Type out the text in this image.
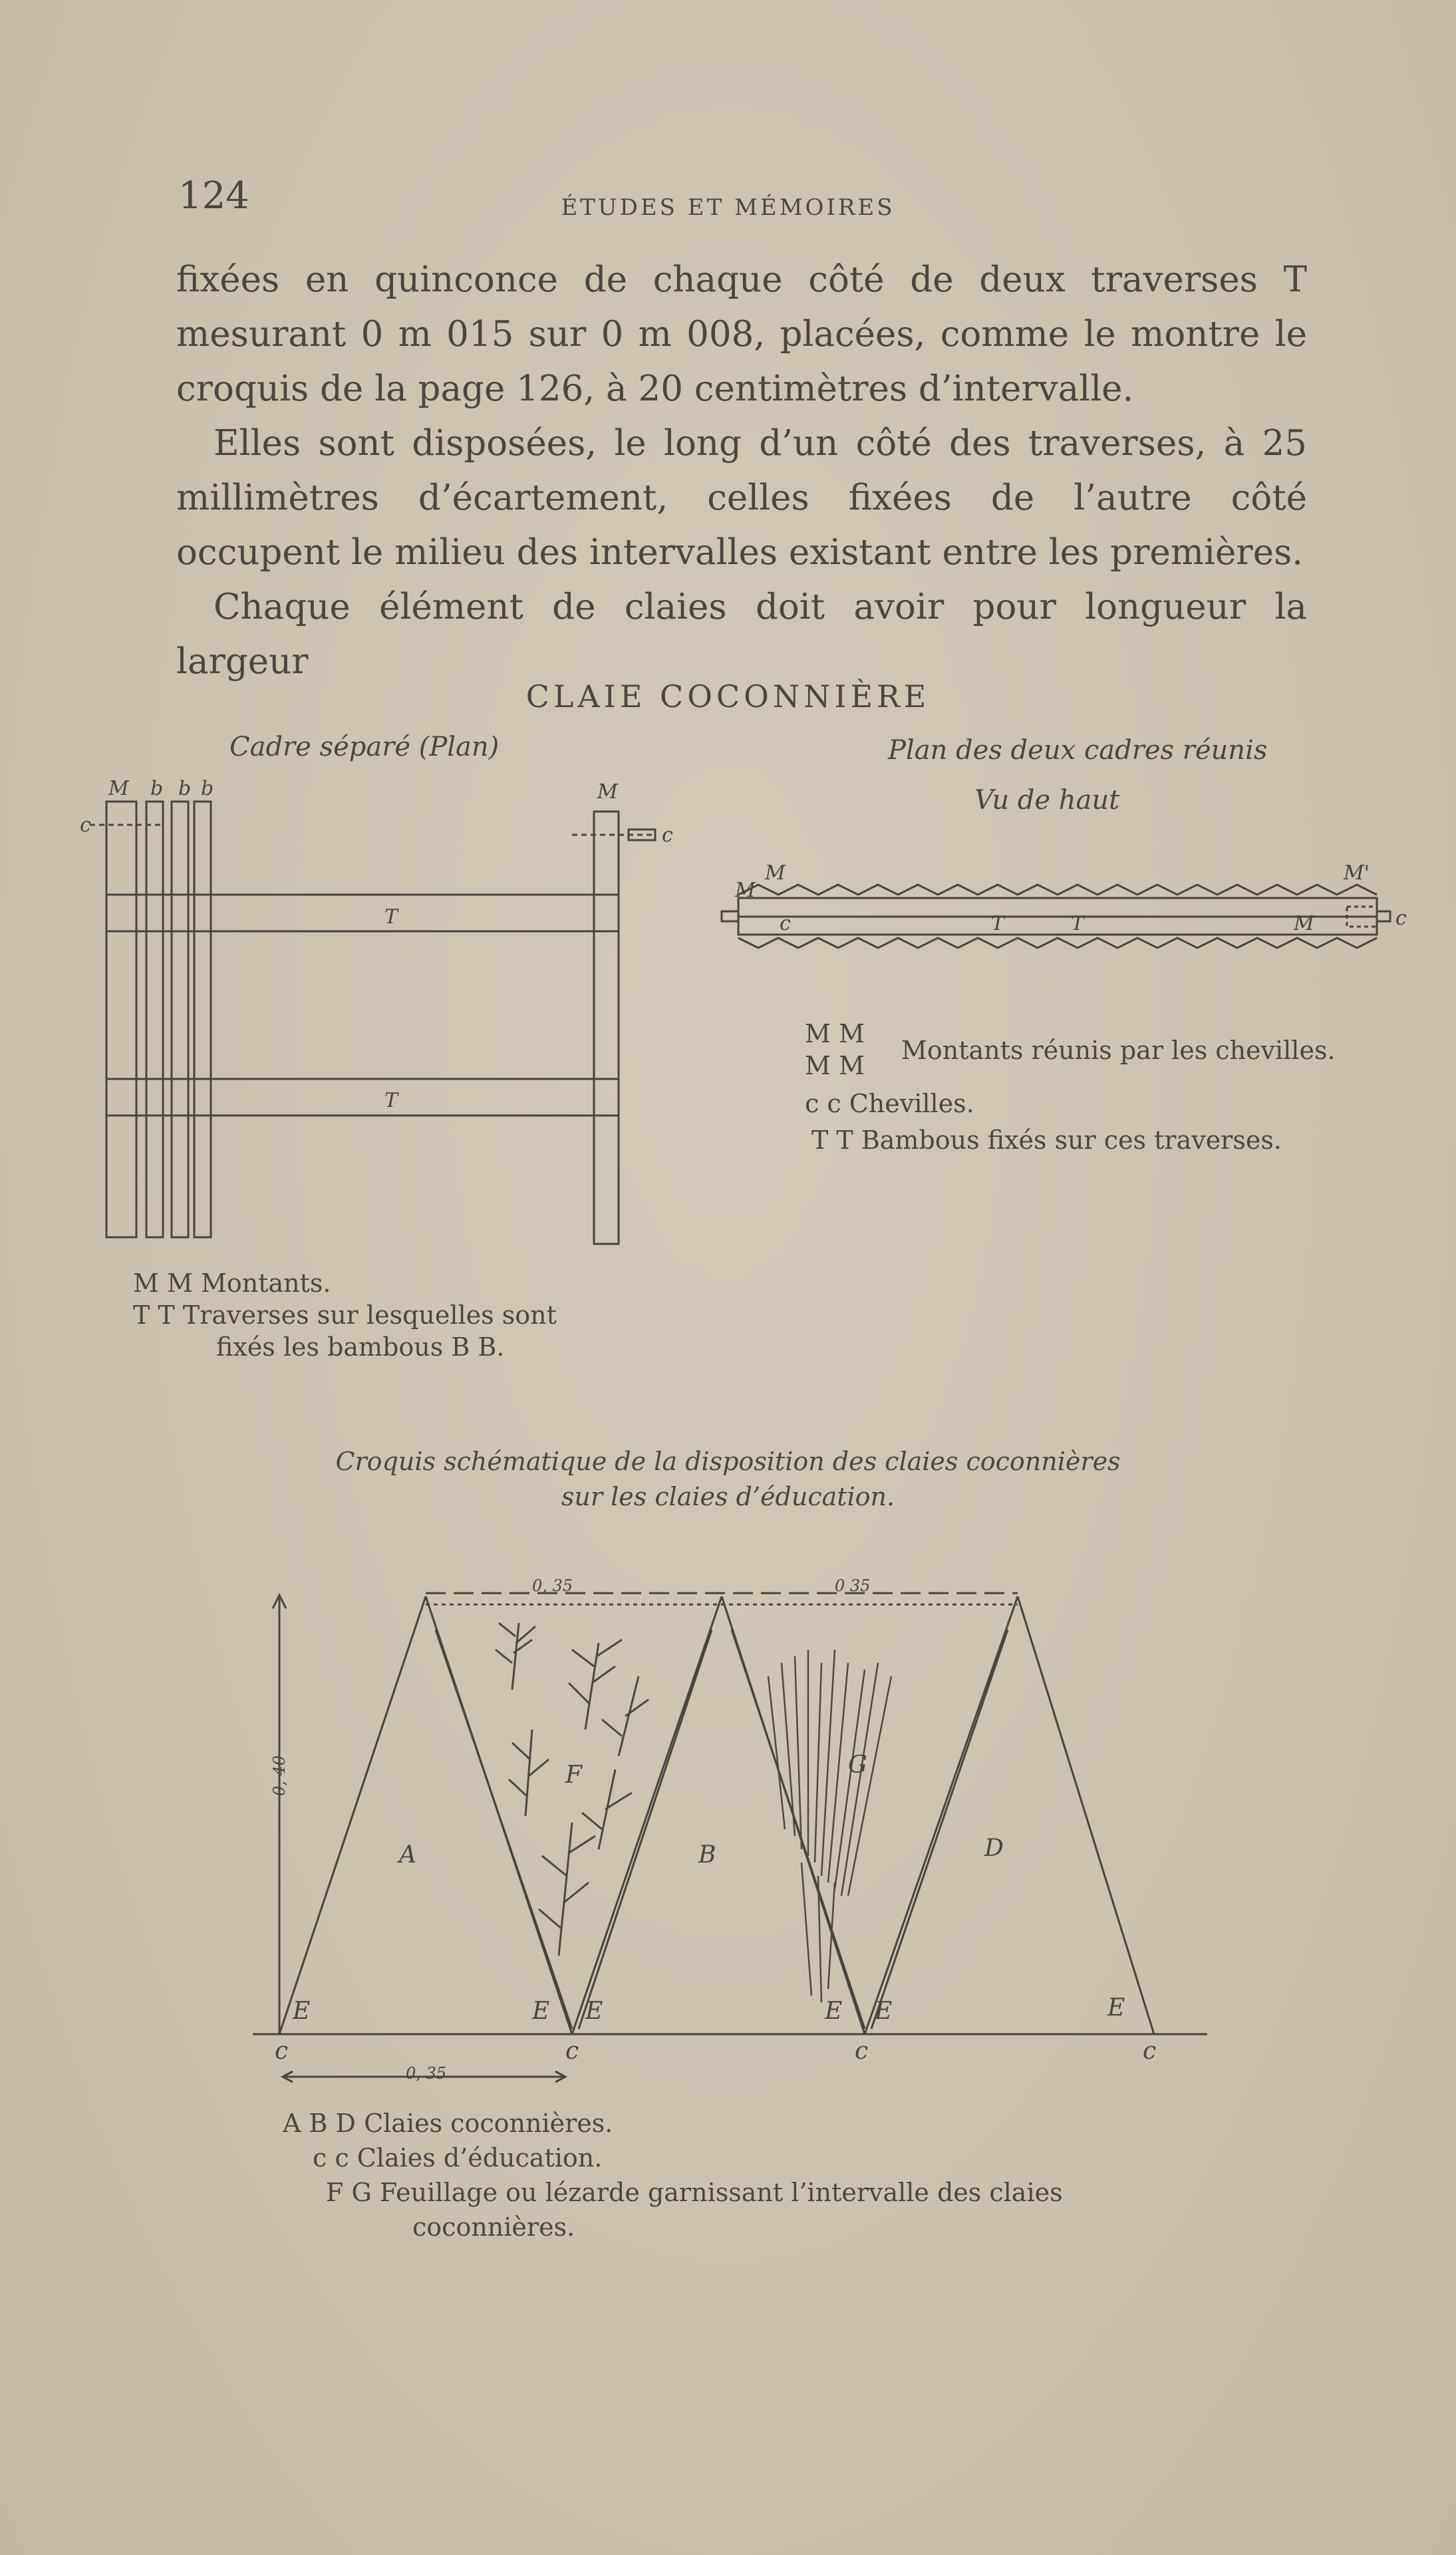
124	ÉTUDES ET MÉMOIRES

fixées en quinconce de chaque côté de deux traverses T mesurant 0 m 015 sur 0 m 008, placées, comme le montre le croquis de la page 126, à 20 centimètres d’intervalle.

Elles sont disposées, le long d’un côté des traverses, à 25 millimètres d’écartement, celles fixées de l’autre côté occupent le milieu des intervalles existant entre les premières.

Chaque élément de claies doit avoir pour longueur la largeur

CLAIE COCONNIÈRE
Cadre séparé (Plan)	Plan des deux cadres réunis
Vu de haut
M b b b	M
c	c
T
T
M
M	M'
c	T	T	M	c
M M
M M
Montants réunis par les chevilles.
c c Chevilles.
T T Bambous fixés sur ces traverses.
M M Montants.
T T Traverses sur lesquelles sont
fixés les bambous B B.
Croquis schématique de la disposition des claies coconnières
sur les claies d’éducation.
A	B	D
F	G
E	E E	E E	E
c	c	c	c
0, 35	0 35
0, 35
0, 40
A B D Claies coconnières.
c c Claies d’éducation.
F G Feuillage ou lézarde garnissant l’intervalle des claies
coconnières.
